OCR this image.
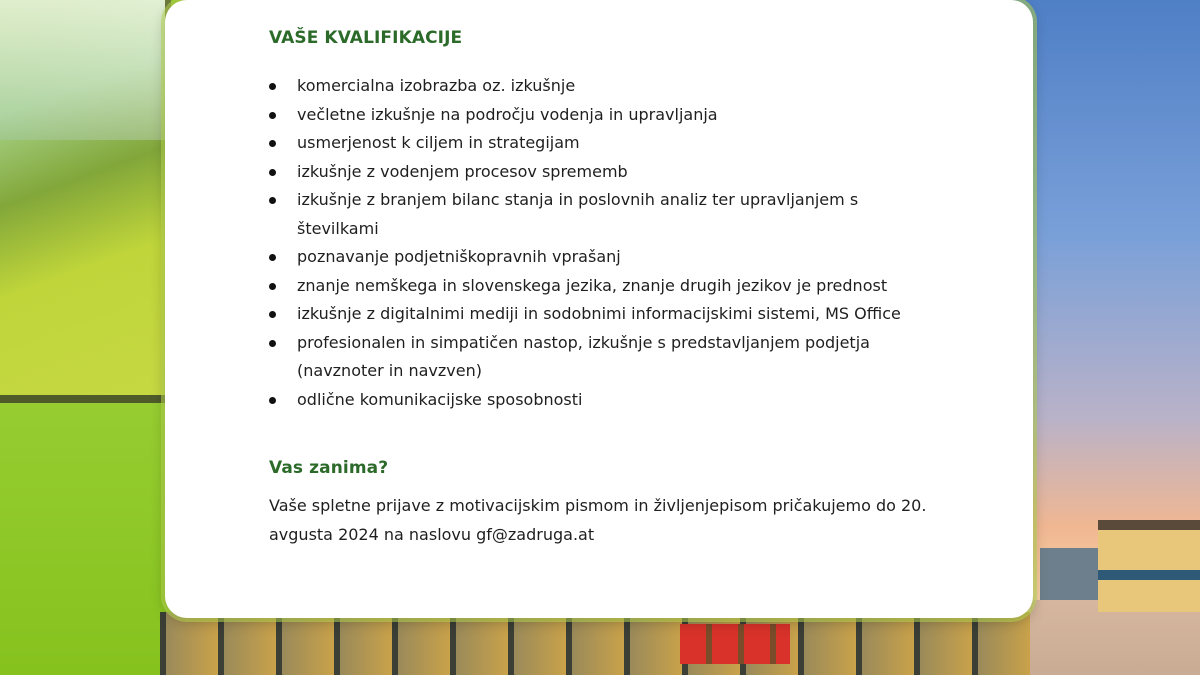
VAŠE KVALIFIKACIJE
komercialna izobrazba oz. izkušnje
večletne izkušnje na področju vodenja in upravljanja
usmerjenost k ciljem in strategijam
izkušnje z vodenjem procesov sprememb
izkušnje z branjem bilanc stanja in poslovnih analiz ter upravljanjem s številkami
poznavanje podjetniškopravnih vprašanj
znanje nemškega in slovenskega jezika, znanje drugih jezikov je prednost
izkušnje z digitalnimi mediji in sodobnimi informacijskimi sistemi, MS Office
profesionalen in simpatičen nastop, izkušnje s predstavljanjem podjetja (navznoter in navzven)
odlične komunikacijske sposobnosti
Vas zanima?

Vaše spletne prijave z motivacijskim pismom in življenjepisom pričakujemo do 20. avgusta 2024 na naslovu gf@zadruga.at
